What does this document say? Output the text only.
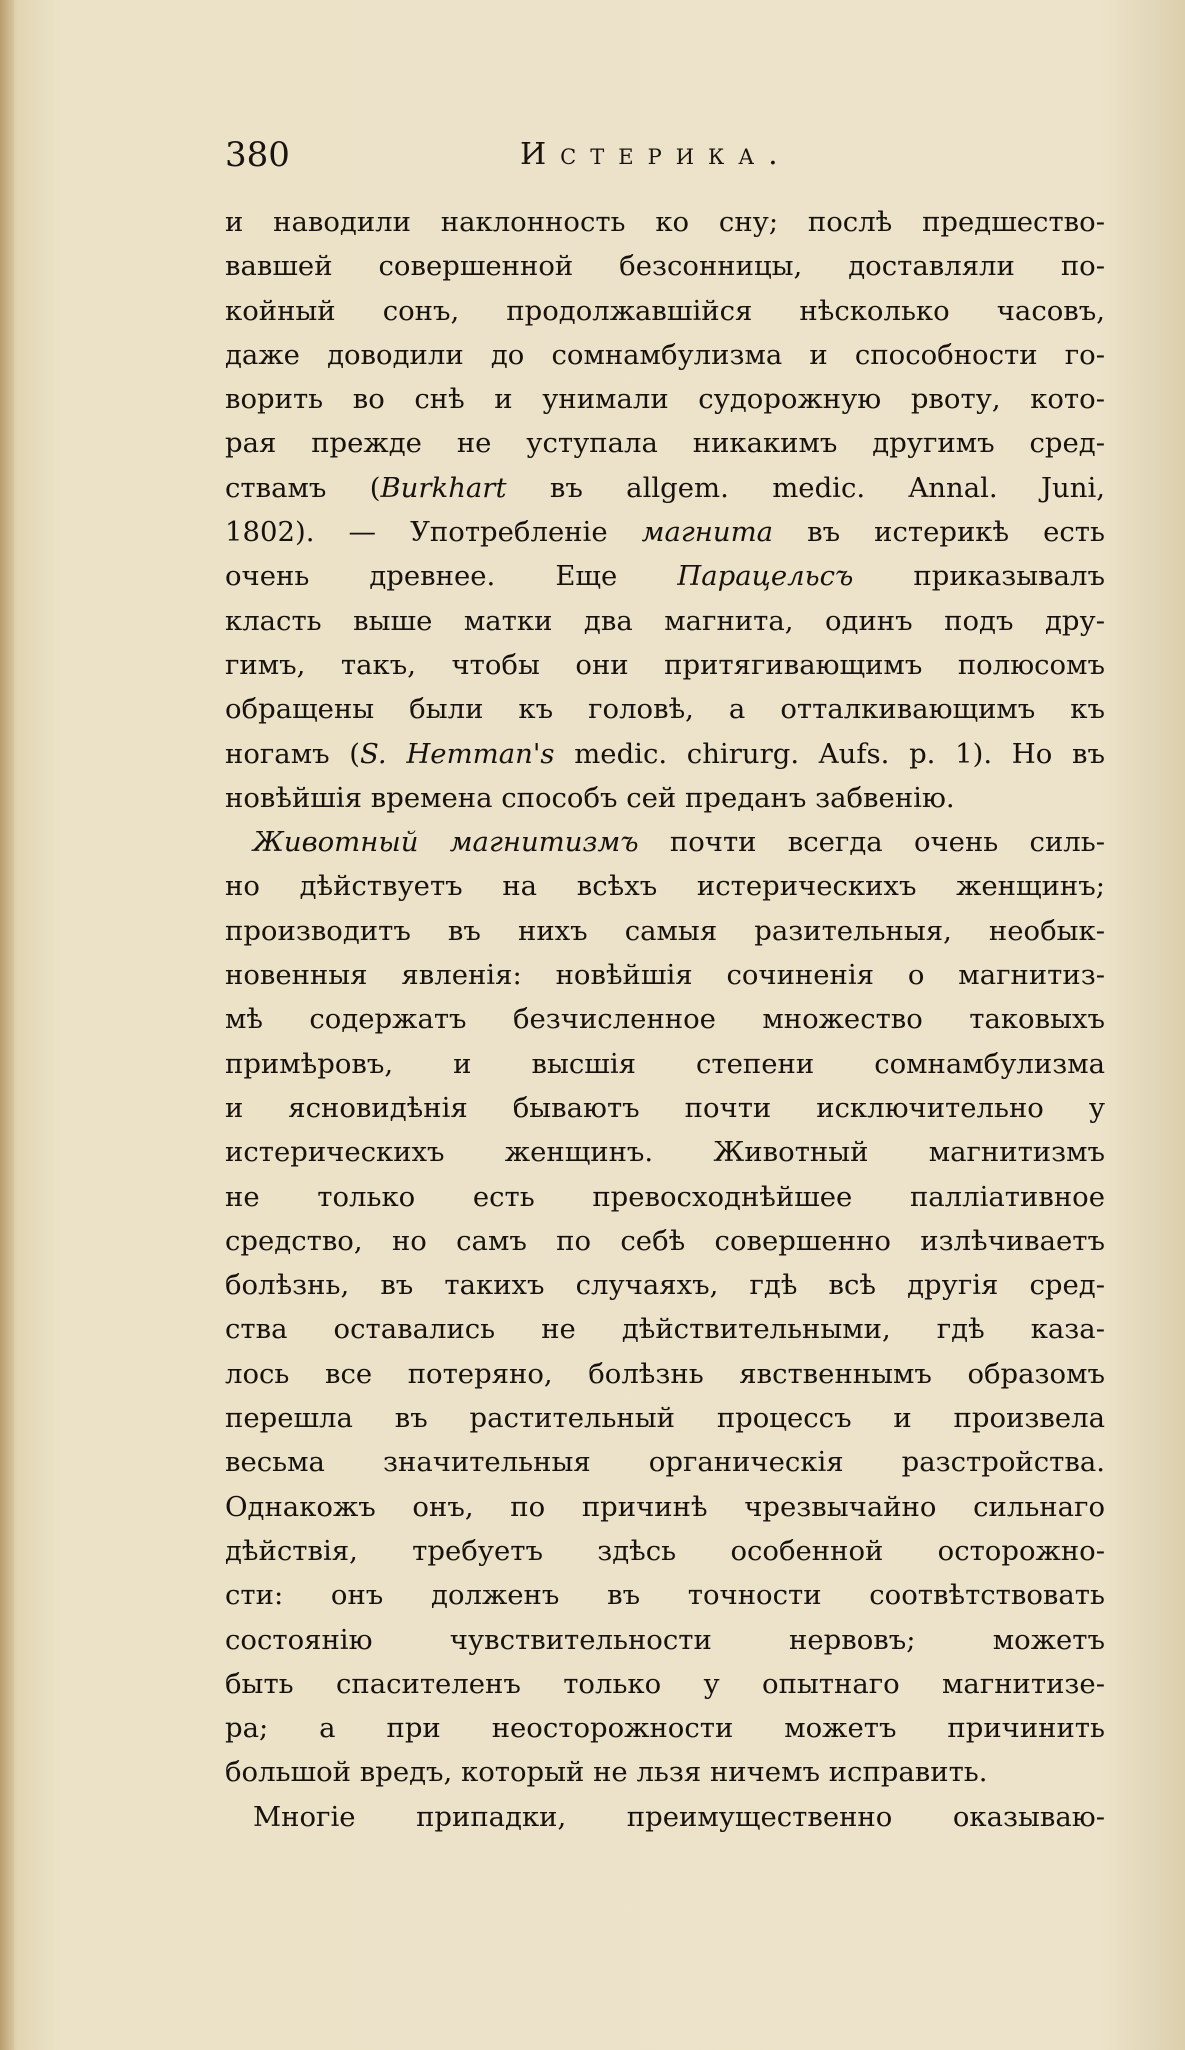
380	Истерика.
и наводили наклонность ко сну; послѣ предшество-
вавшей совершенной безсонницы, доставляли по-
койный сонъ, продолжавшійся нѣсколько часовъ,
даже доводили до сомнамбулизма и способности го-
ворить во снѣ и унимали судорожную рвоту, кото-
рая прежде не уступала никакимъ другимъ сред-
ствамъ (Burkhart въ allgem. medic. Annal. Juni,
1802). — Употребленіе магнита въ истерикѣ есть
очень древнее. Еще Парацельсъ приказывалъ
класть выше матки два магнита, одинъ подъ дру-
гимъ, такъ, чтобы они притягивающимъ полюсомъ
обращены были къ головѣ, а отталкивающимъ къ
ногамъ (S. Hemman's medic. chirurg. Aufs. p. 1). Но въ
новѣйшія времена способъ сей преданъ забвенію.
Животный магнитизмъ почти всегда очень силь-
но дѣйствуетъ на всѣхъ истерическихъ женщинъ;
производитъ въ нихъ самыя разительныя, необык-
новенныя явленія: новѣйшія сочиненія о магнитиз-
мѣ содержатъ безчисленное множество таковыхъ
примѣровъ, и высшія степени сомнамбулизма
и ясновидѣнія бываютъ почти исключительно у
истерическихъ женщинъ. Животный магнитизмъ
не только есть превосходнѣйшее палліативное
средство, но самъ по себѣ совершенно излѣчиваетъ
болѣзнь, въ такихъ случаяхъ, гдѣ всѣ другія сред-
ства оставались не дѣйствительными, гдѣ каза-
лось все потеряно, болѣзнь явственнымъ образомъ
перешла въ растительный процессъ и произвела
весьма значительныя органическія разстройства.
Однакожъ онъ, по причинѣ чрезвычайно сильнаго
дѣйствія, требуетъ здѣсь особенной осторожно-
сти: онъ долженъ въ точности соотвѣтствовать
состоянію чувствительности нервовъ; можетъ
быть спасителенъ только у опытнаго магнитизе-
ра; а при неосторожности можетъ причинить
большой вредъ, который не льзя ничемъ исправить.
Многіе припадки, преимущественно оказываю-
